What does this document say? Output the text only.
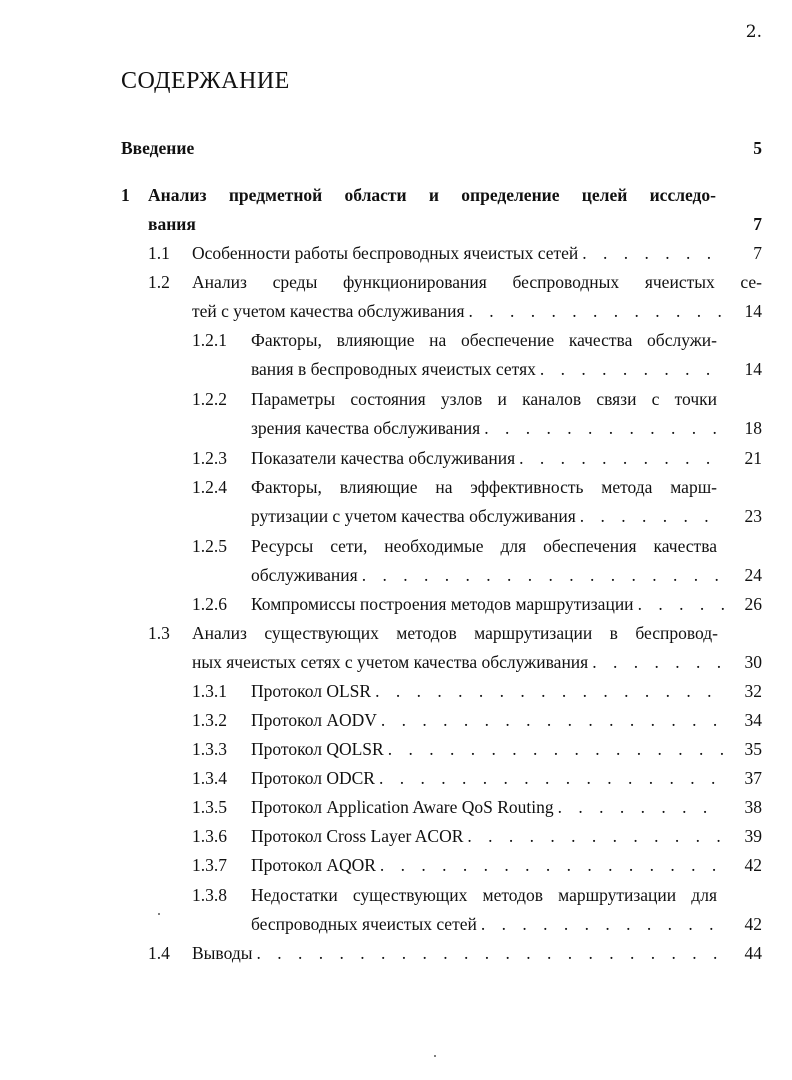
2.
СОДЕРЖАНИЕ
Введение	5
1 Анализ предметной области и определение целей исследо-
вания	7
1.1 Особенности работы беспроводных ячеистых сетей . . .	7
1.2 Анализ среды функционирования беспроводных ячеистых се-
тей с учетом качества обслуживания . . .	14
1.2.1 Факторы, влияющие на обеспечение качества обслужи-
вания в беспроводных ячеистых сетях . . .	14
1.2.2 Параметры состояния узлов и каналов связи с точки
зрения качества обслуживания . . .	18
1.2.3 Показатели качества обслуживания . . .	21
1.2.4 Факторы, влияющие на эффективность метода марш-
рутизации с учетом качества обслуживания . . .	23
1.2.5 Ресурсы сети, необходимые для обеспечения качества
обслуживания . . .	24
1.2.6 Компромиссы построения методов маршрутизации . . .	26
1.3 Анализ существующих методов маршрутизации в беспровод-
ных ячеистых сетях с учетом качества обслуживания . . .	30
1.3.1 Протокол OLSR . . .	32
1.3.2 Протокол AODV . . .	34
1.3.3 Протокол QOLSR . . .	35
1.3.4 Протокол ODCR . . .	37
1.3.5 Протокол Application Aware QoS Routing . . .	38
1.3.6 Протокол Cross Layer ACOR . . .	39
1.3.7 Протокол AQOR . . .	42
1.3.8 Недостатки существующих методов маршрутизации для
беспроводных ячеистых сетей . . .	42
1.4 Выводы . . .	44
